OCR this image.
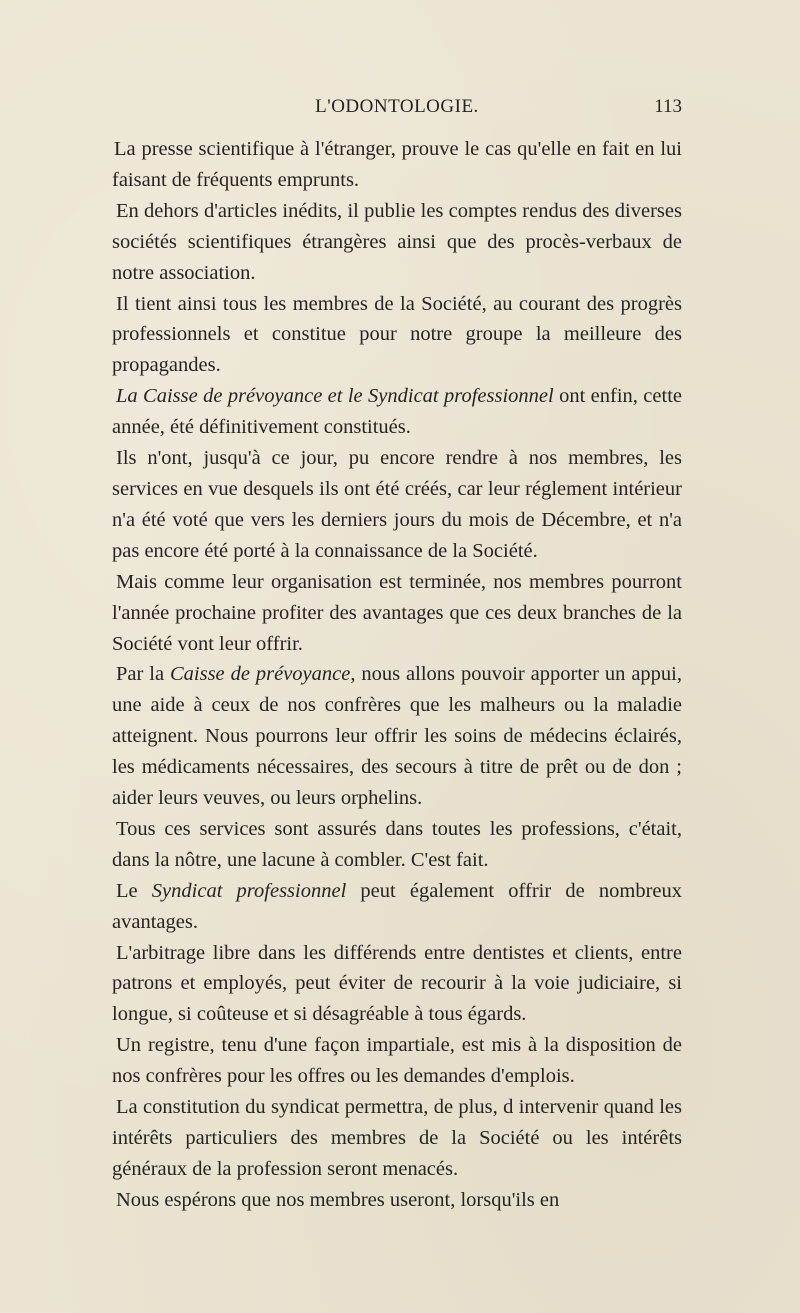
L'ODONTOLOGIE.	113

La presse scientifique à l'étranger, prouve le cas qu'elle en fait en lui faisant de fréquents emprunts.

En dehors d'articles inédits, il publie les comptes rendus des diverses sociétés scientifiques étrangères ainsi que des procès-verbaux de notre association.

Il tient ainsi tous les membres de la Société, au courant des progrès professionnels et constitue pour notre groupe la meilleure des propagandes.

La Caisse de prévoyance et le Syndicat professionnel ont enfin, cette année, été définitivement constitués.

Ils n'ont, jusqu'à ce jour, pu encore rendre à nos membres, les services en vue desquels ils ont été créés, car leur réglement intérieur n'a été voté que vers les derniers jours du mois de Décembre, et n'a pas encore été porté à la connaissance de la Société.

Mais comme leur organisation est terminée, nos membres pourront l'année prochaine profiter des avantages que ces deux branches de la Société vont leur offrir.

Par la Caisse de prévoyance, nous allons pouvoir apporter un appui, une aide à ceux de nos confrères que les malheurs ou la maladie atteignent. Nous pourrons leur offrir les soins de médecins éclairés, les médicaments nécessaires, des secours à titre de prêt ou de don ; aider leurs veuves, ou leurs orphelins.

Tous ces services sont assurés dans toutes les professions, c'était, dans la nôtre, une lacune à combler. C'est fait.

Le Syndicat professionnel peut également offrir de nombreux avantages.

L'arbitrage libre dans les différends entre dentistes et clients, entre patrons et employés, peut éviter de recourir à la voie judiciaire, si longue, si coûteuse et si désagréable à tous égards.

Un registre, tenu d'une façon impartiale, est mis à la disposition de nos confrères pour les offres ou les demandes d'emplois.

La constitution du syndicat permettra, de plus, d intervenir quand les intérêts particuliers des membres de la Société ou les intérêts généraux de la profession seront menacés.

Nous espérons que nos membres useront, lorsqu'ils en
